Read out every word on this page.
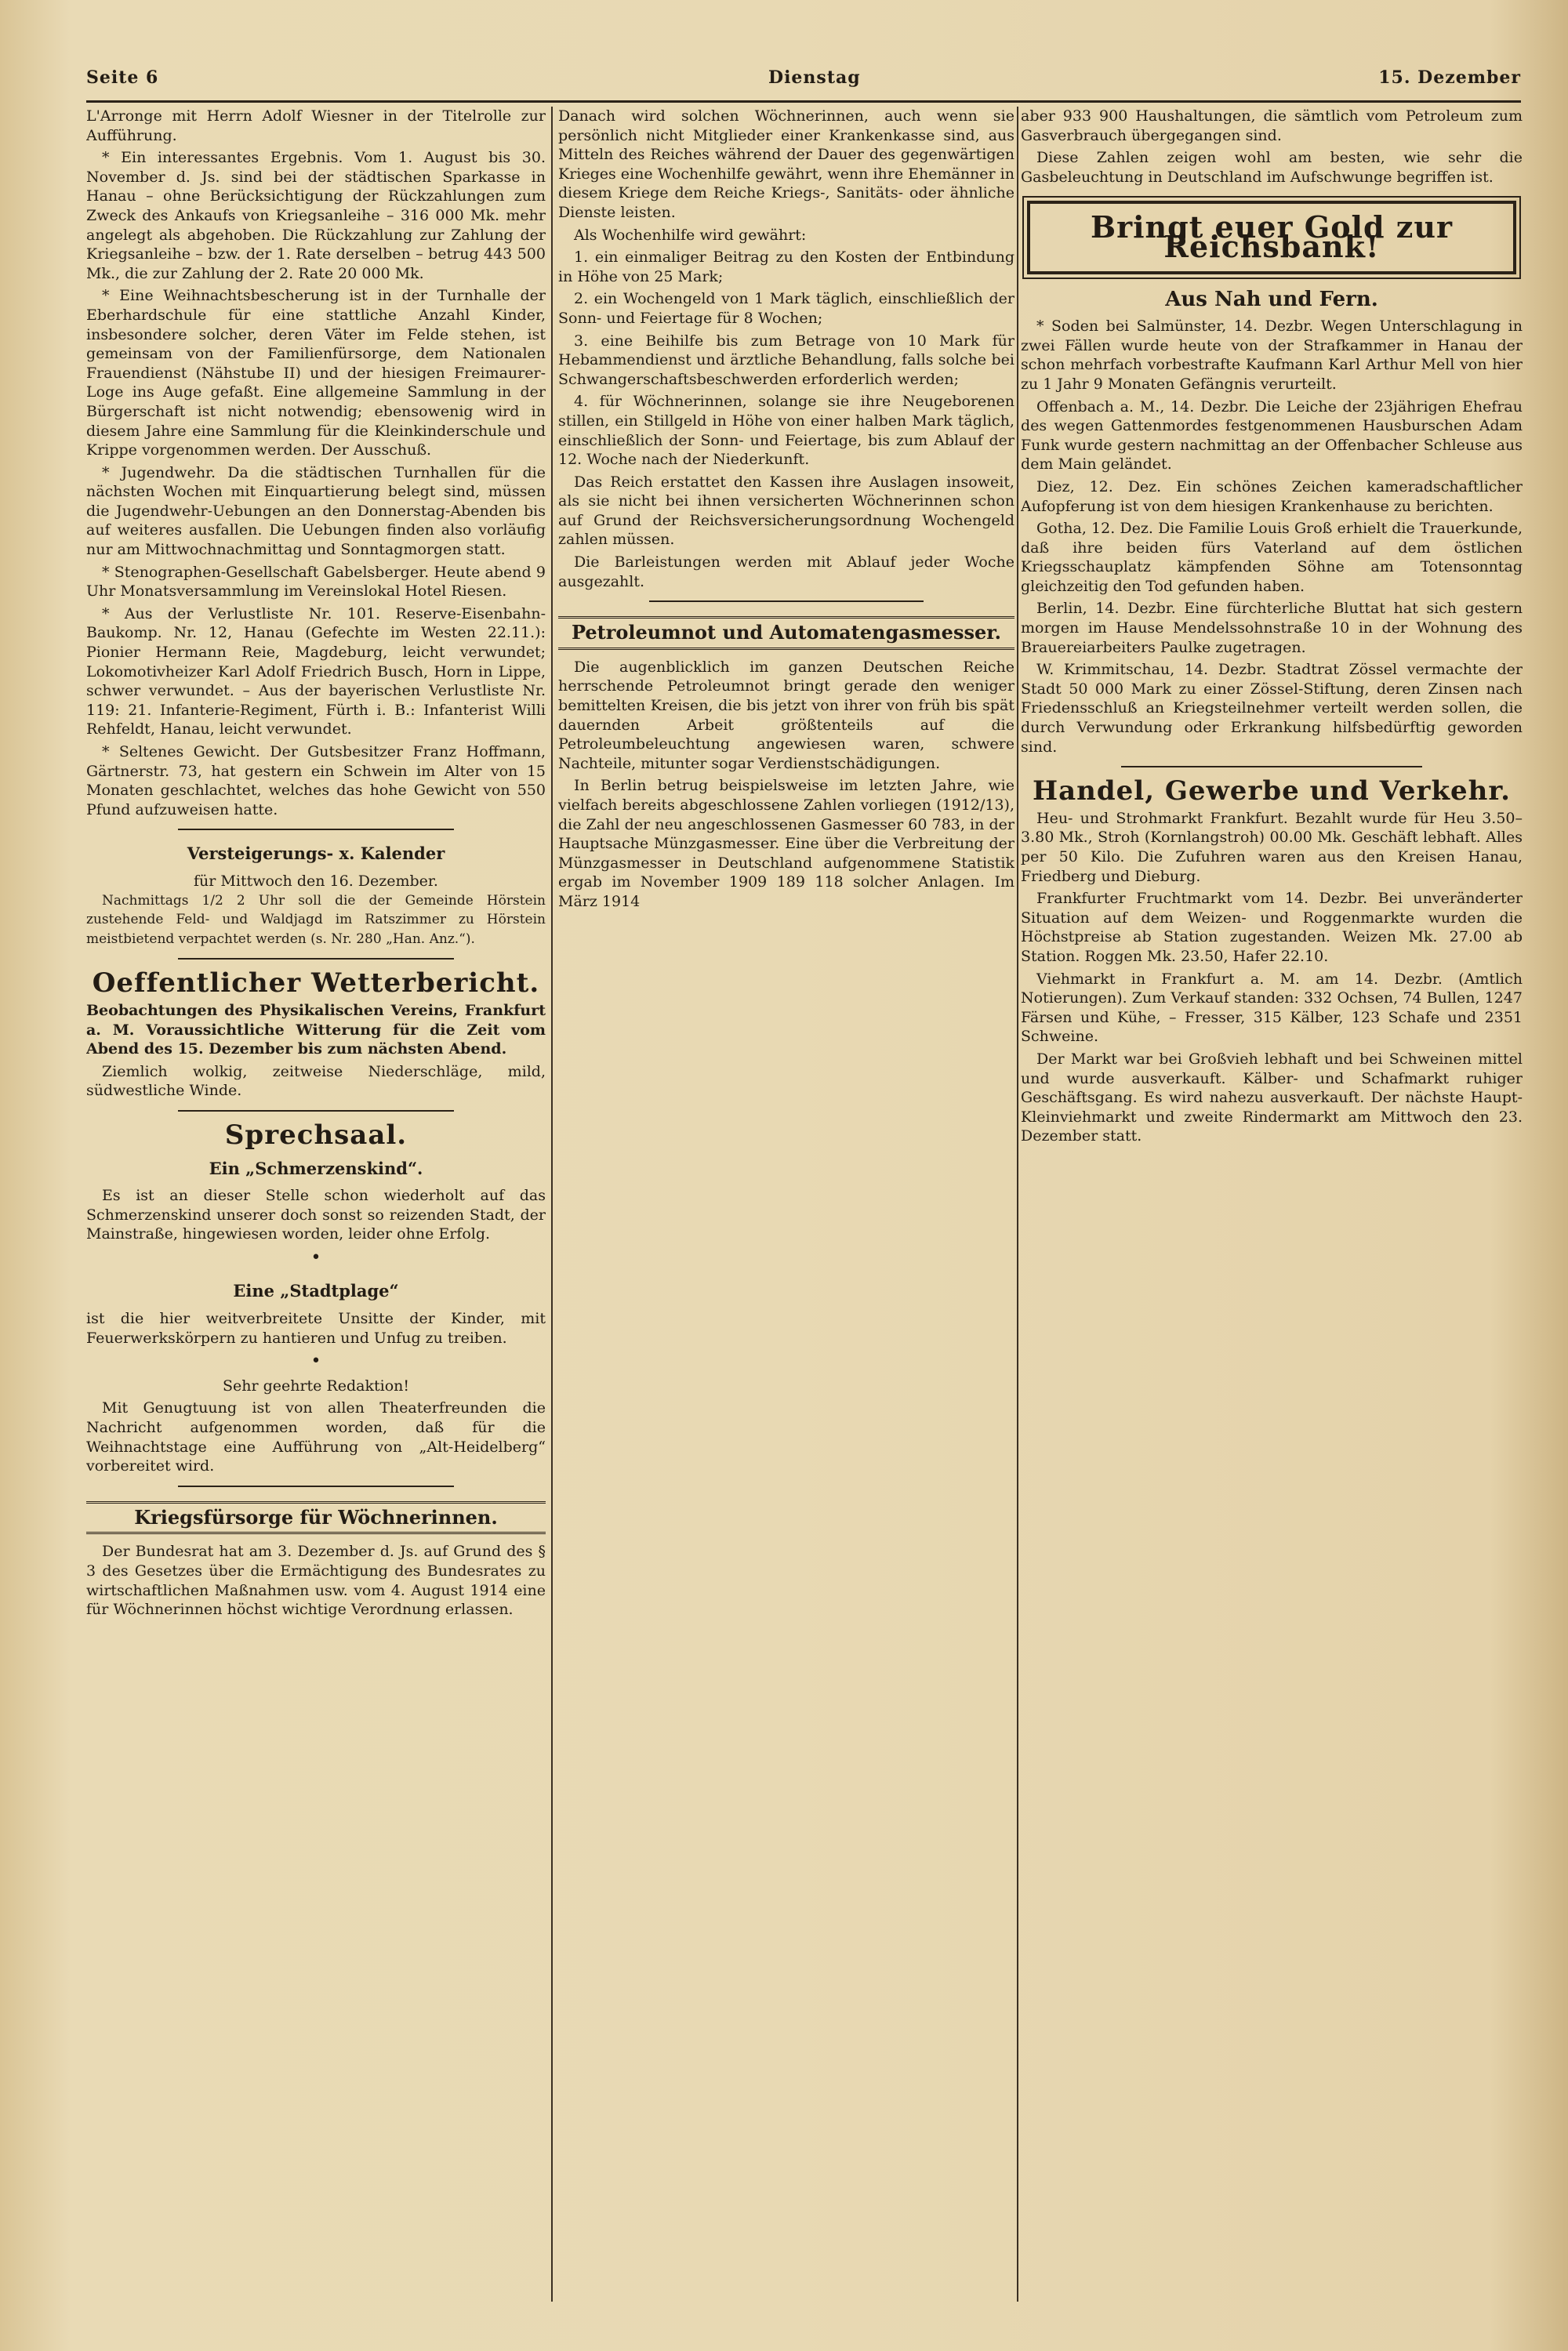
Seite 6	Dienstag	15. Dezember

L'Arronge mit Herrn Adolf Wiesner in der Titelrolle zur Aufführung.

* Ein interessantes Ergebnis. Vom 1. August bis 30. November d. Js. sind bei der städtischen Sparkasse in Hanau – ohne Berücksichtigung der Rückzahlungen zum Zweck des Ankaufs von Kriegsanleihe – 316 000 Mk. mehr angelegt als abgehoben. Die Rückzahlung zur Zahlung der Kriegsanleihe – bzw. der 1. Rate derselben – betrug 443 500 Mk., die zur Zahlung der 2. Rate 20 000 Mk.

* Eine Weihnachtsbescherung ist in der Turnhalle der Eberhardschule für eine stattliche Anzahl Kinder, insbesondere solcher, deren Väter im Felde stehen, ist gemeinsam von der Familienfürsorge, dem Nationalen Frauendienst (Nähstube II) und der hiesigen Freimaurer-Loge ins Auge gefaßt. Eine allgemeine Sammlung in der Bürgerschaft ist nicht notwendig; ebensowenig wird in diesem Jahre eine Sammlung für die Kleinkinderschule und Krippe vorgenommen werden. Der Ausschuß.

* Jugendwehr. Da die städtischen Turnhallen für die nächsten Wochen mit Einquartierung belegt sind, müssen die Jugendwehr-Uebungen an den Donnerstag-Abenden bis auf weiteres ausfallen. Die Uebungen finden also vorläufig nur am Mittwochnachmittag und Sonntagmorgen statt.

* Stenographen-Gesellschaft Gabelsberger. Heute abend 9 Uhr Monatsversammlung im Vereinslokal Hotel Riesen.

* Aus der Verlustliste Nr. 101. Reserve-Eisenbahn-Baukomp. Nr. 12, Hanau (Gefechte im Westen 22.11.): Pionier Hermann Reie, Magdeburg, leicht verwundet; Lokomotivheizer Karl Adolf Friedrich Busch, Horn in Lippe, schwer verwundet. – Aus der bayerischen Verlustliste Nr. 119: 21. Infanterie-Regiment, Fürth i. B.: Infanterist Willi Rehfeldt, Hanau, leicht verwundet.

* Seltenes Gewicht. Der Gutsbesitzer Franz Hoffmann, Gärtnerstr. 73, hat gestern ein Schwein im Alter von 15 Monaten geschlachtet, welches das hohe Gewicht von 550 Pfund aufzuweisen hatte.

Versteigerungs- x. Kalender
für Mittwoch den 16. Dezember.

Nachmittags 1/2 2 Uhr soll die der Gemeinde Hörstein zustehende Feld- und Waldjagd im Ratszimmer zu Hörstein meistbietend verpachtet werden (s. Nr. 280 „Han. Anz.“).

Oeffentlicher Wetterbericht.

Beobachtungen des Physikalischen Vereins, Frankfurt a. M. Voraussichtliche Witterung für die Zeit vom Abend des 15. Dezember bis zum nächsten Abend.

Ziemlich wolkig, zeitweise Niederschläge, mild, südwestliche Winde.

Sprechsaal.
Ein „Schmerzenskind“.

Es ist an dieser Stelle schon wiederholt auf das Schmerzenskind unserer doch sonst so reizenden Stadt, der Mainstraße, hingewiesen worden, leider ohne Erfolg.

•
Eine „Stadtplage“

ist die hier weitverbreitete Unsitte der Kinder, mit Feuerwerkskörpern zu hantieren und Unfug zu treiben.

•

Sehr geehrte Redaktion!

Mit Genugtuung ist von allen Theaterfreunden die Nachricht aufgenommen worden, daß für die Weihnachtstage eine Aufführung von „Alt-Heidelberg“ vorbereitet wird.

Kriegsfürsorge für Wöchnerinnen.

Der Bundesrat hat am 3. Dezember d. Js. auf Grund des § 3 des Gesetzes über die Ermächtigung des Bundesrates zu wirtschaftlichen Maßnahmen usw. vom 4. August 1914 eine für Wöchnerinnen höchst wichtige Verordnung erlassen.

Danach wird solchen Wöchnerinnen, auch wenn sie persönlich nicht Mitglieder einer Krankenkasse sind, aus Mitteln des Reiches während der Dauer des gegenwärtigen Krieges eine Wochenhilfe gewährt, wenn ihre Ehemänner in diesem Kriege dem Reiche Kriegs-, Sanitäts- oder ähnliche Dienste leisten.

Als Wochenhilfe wird gewährt:

1. ein einmaliger Beitrag zu den Kosten der Entbindung in Höhe von 25 Mark;

2. ein Wochengeld von 1 Mark täglich, einschließlich der Sonn- und Feiertage für 8 Wochen;

3. eine Beihilfe bis zum Betrage von 10 Mark für Hebammendienst und ärztliche Behandlung, falls solche bei Schwangerschaftsbeschwerden erforderlich werden;

4. für Wöchnerinnen, solange sie ihre Neugeborenen stillen, ein Stillgeld in Höhe von einer halben Mark täglich, einschließlich der Sonn- und Feiertage, bis zum Ablauf der 12. Woche nach der Niederkunft.

Das Reich erstattet den Kassen ihre Auslagen insoweit, als sie nicht bei ihnen versicherten Wöchnerinnen schon auf Grund der Reichsversicherungsordnung Wochengeld zahlen müssen.

Die Barleistungen werden mit Ablauf jeder Woche ausgezahlt.

Petroleumnot und Automatengasmesser.

Die augenblicklich im ganzen Deutschen Reiche herrschende Petroleumnot bringt gerade den weniger bemittelten Kreisen, die bis jetzt von ihrer von früh bis spät dauernden Arbeit größtenteils auf die Petroleumbeleuchtung angewiesen waren, schwere Nachteile, mitunter sogar Verdienstschädigungen.

In Berlin betrug beispielsweise im letzten Jahre, wie vielfach bereits abgeschlossene Zahlen vorliegen (1912/13), die Zahl der neu angeschlossenen Gasmesser 60 783, in der Hauptsache Münzgasmesser. Eine über die Verbreitung der Münzgasmesser in Deutschland aufgenommene Statistik ergab im November 1909 189 118 solcher Anlagen. Im März 1914

aber 933 900 Haushaltungen, die sämtlich vom Petroleum zum Gasverbrauch übergegangen sind.

Diese Zahlen zeigen wohl am besten, wie sehr die Gasbeleuchtung in Deutschland im Aufschwunge begriffen ist.

Bringt euer Gold zur Reichsbank!
Aus Nah und Fern.

* Soden bei Salmünster, 14. Dezbr. Wegen Unterschlagung in zwei Fällen wurde heute von der Strafkammer in Hanau der schon mehrfach vorbestrafte Kaufmann Karl Arthur Mell von hier zu 1 Jahr 9 Monaten Gefängnis verurteilt.

Offenbach a. M., 14. Dezbr. Die Leiche der 23jährigen Ehefrau des wegen Gattenmordes festgenommenen Hausburschen Adam Funk wurde gestern nachmittag an der Offenbacher Schleuse aus dem Main geländet.

Diez, 12. Dez. Ein schönes Zeichen kameradschaftlicher Aufopferung ist von dem hiesigen Krankenhause zu berichten.

Gotha, 12. Dez. Die Familie Louis Groß erhielt die Trauerkunde, daß ihre beiden fürs Vaterland auf dem östlichen Kriegsschauplatz kämpfenden Söhne am Totensonntag gleichzeitig den Tod gefunden haben.

Berlin, 14. Dezbr. Eine fürchterliche Bluttat hat sich gestern morgen im Hause Mendelssohnstraße 10 in der Wohnung des Brauereiarbeiters Paulke zugetragen.

W. Krimmitschau, 14. Dezbr. Stadtrat Zössel vermachte der Stadt 50 000 Mark zu einer Zössel-Stiftung, deren Zinsen nach Friedensschluß an Kriegsteilnehmer verteilt werden sollen, die durch Verwundung oder Erkrankung hilfsbedürftig geworden sind.

Handel, Gewerbe und Verkehr.

Heu- und Strohmarkt Frankfurt. Bezahlt wurde für Heu 3.50–3.80 Mk., Stroh (Kornlangstroh) 00.00 Mk. Geschäft lebhaft. Alles per 50 Kilo. Die Zufuhren waren aus den Kreisen Hanau, Friedberg und Dieburg.

Frankfurter Fruchtmarkt vom 14. Dezbr. Bei unveränderter Situation auf dem Weizen- und Roggenmarkte wurden die Höchstpreise ab Station zugestanden. Weizen Mk. 27.00 ab Station. Roggen Mk. 23.50, Hafer 22.10.

Viehmarkt in Frankfurt a. M. am 14. Dezbr. (Amtlich Notierungen). Zum Verkauf standen: 332 Ochsen, 74 Bullen, 1247 Färsen und Kühe, – Fresser, 315 Kälber, 123 Schafe und 2351 Schweine.

Der Markt war bei Großvieh lebhaft und bei Schweinen mittel und wurde ausverkauft. Kälber- und Schafmarkt ruhiger Geschäftsgang. Es wird nahezu ausverkauft. Der nächste Haupt-Kleinviehmarkt und zweite Rindermarkt am Mittwoch den 23. Dezember statt.
